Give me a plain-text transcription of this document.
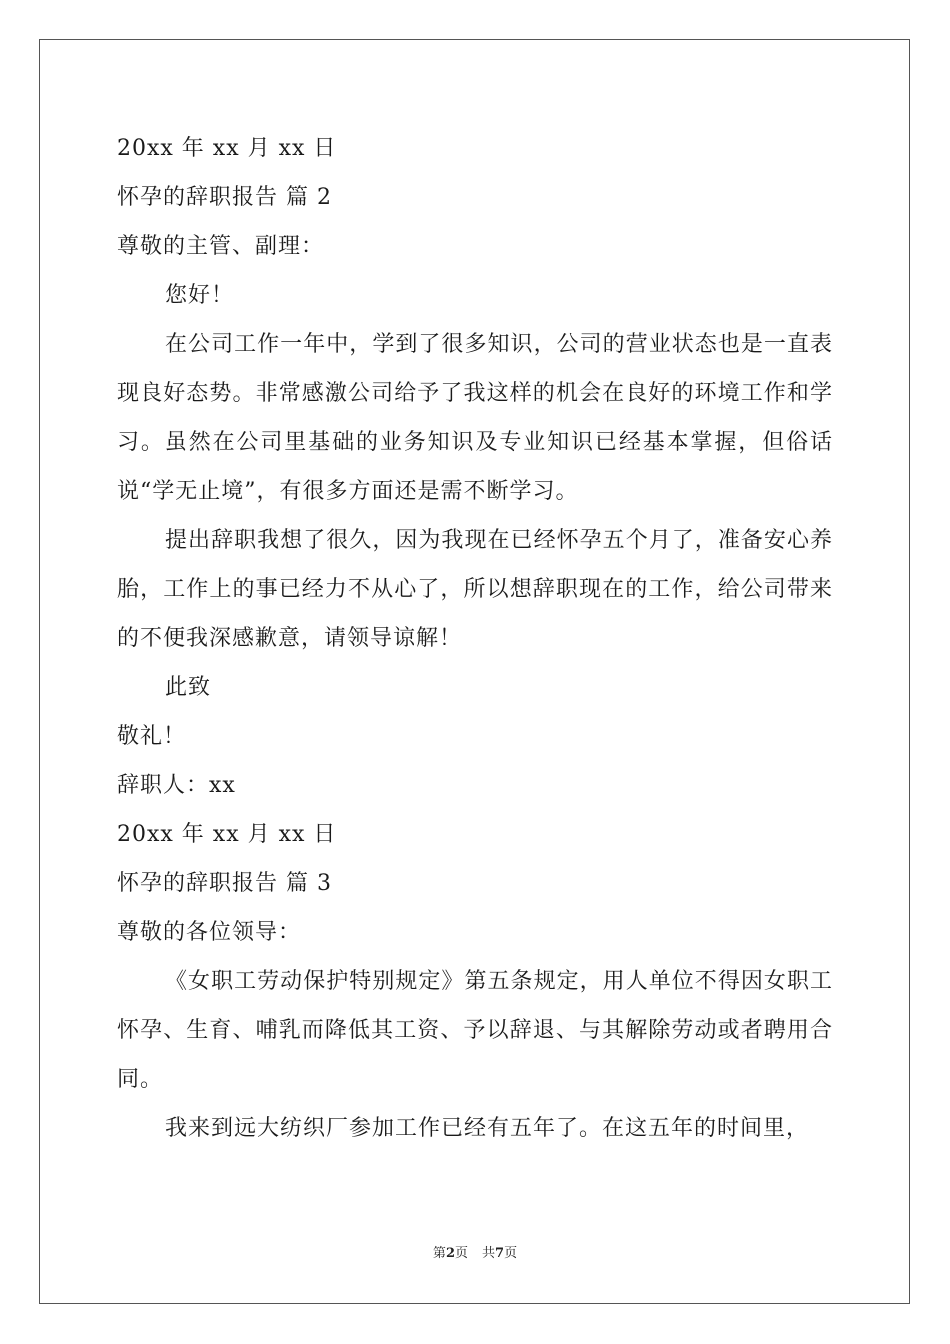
20xx 年 xx 月 xx 日
怀孕的辞职报告 篇 2
尊敬的主管、副理：
您好！
在公司工作一年中，学到了很多知识，公司的营业状态也是一直表现良好态势。非常感激公司给予了我这样的机会在良好的环境工作和学习。虽然在公司里基础的业务知识及专业知识已经基本掌握，但俗话说“学无止境”，有很多方面还是需不断学习。
提出辞职我想了很久，因为我现在已经怀孕五个月了，准备安心养胎，工作上的事已经力不从心了，所以想辞职现在的工作，给公司带来的不便我深感歉意，请领导谅解！
此致
敬礼！
辞职人：xx
20xx 年 xx 月 xx 日
怀孕的辞职报告 篇 3
尊敬的各位领导：
《女职工劳动保护特别规定》第五条规定，用人单位不得因女职工怀孕、生育、哺乳而降低其工资、予以辞退、与其解除劳动或者聘用合同。
我来到远大纺织厂参加工作已经有五年了。在这五年的时间里，
第2页 共7页
